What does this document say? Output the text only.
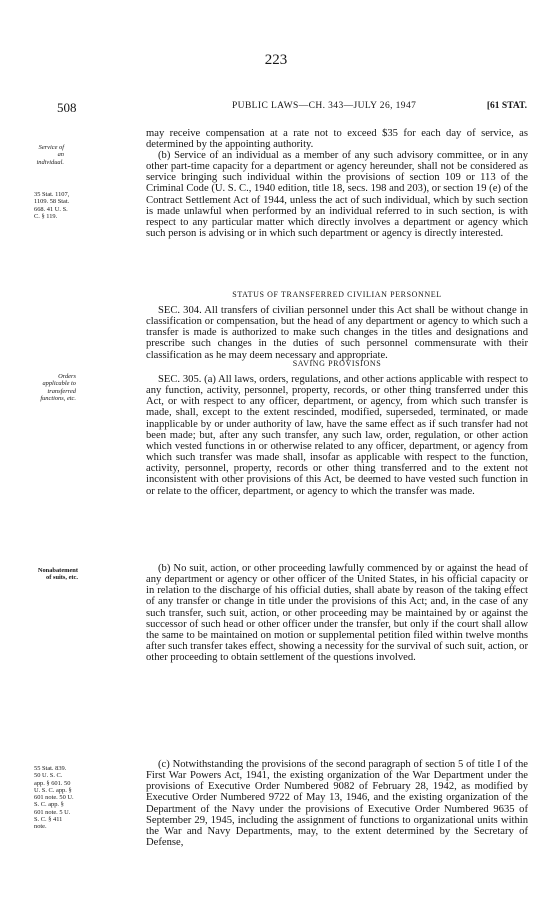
223
508	PUBLIC LAWS—CH. 343—JULY 26, 1947	[61 STAT.
Service of an individual.
35 Stat. 1107, 1109. 58 Stat. 668. 41 U. S. C. § 119.
Orders applicable to transferred functions, etc.
Nonabatement of suits, etc.
55 Stat. 839. 50 U. S. C. app. § 601. 50 U. S. C. app. § 601 note. 50 U. S. C. app. § 601 note. 5 U. S. C. § 411 note.

may receive compensation at a rate not to exceed $35 for each day of service, as determined by the appointing authority.

(b) Service of an individual as a member of any such advisory committee, or in any other part-time capacity for a department or agency hereunder, shall not be considered as service bringing such individual within the provisions of section 109 or 113 of the Criminal Code (U. S. C., 1940 edition, title 18, secs. 198 and 203), or section 19 (e) of the Contract Settlement Act of 1944, unless the act of such individual, which by such section is made unlawful when performed by an individual referred to in such section, is with respect to any particular matter which directly involves a department or agency which such person is advising or in which such department or agency is directly interested.

STATUS OF TRANSFERRED CIVILIAN PERSONNEL

SEC. 304. All transfers of civilian personnel under this Act shall be without change in classification or compensation, but the head of any department or agency to which such a transfer is made is authorized to make such changes in the titles and designations and prescribe such changes in the duties of such personnel commensurate with their classification as he may deem necessary and appropriate.

SAVING PROVISIONS

SEC. 305. (a) All laws, orders, regulations, and other actions applicable with respect to any function, activity, personnel, property, records, or other thing transferred under this Act, or with respect to any officer, department, or agency, from which such transfer is made, shall, except to the extent rescinded, modified, superseded, terminated, or made inapplicable by or under authority of law, have the same effect as if such transfer had not been made; but, after any such transfer, any such law, order, regulation, or other action which vested functions in or otherwise related to any officer, department, or agency from which such transfer was made shall, insofar as applicable with respect to the function, activity, personnel, property, records or other thing transferred and to the extent not inconsistent with other provisions of this Act, be deemed to have vested such function in or relate to the officer, department, or agency to which the transfer was made.

(b) No suit, action, or other proceeding lawfully commenced by or against the head of any department or agency or other officer of the United States, in his official capacity or in relation to the discharge of his official duties, shall abate by reason of the taking effect of any transfer or change in title under the provisions of this Act; and, in the case of any such transfer, such suit, action, or other proceeding may be maintained by or against the successor of such head or other officer under the transfer, but only if the court shall allow the same to be maintained on motion or supplemental petition filed within twelve months after such transfer takes effect, showing a necessity for the survival of such suit, action, or other proceeding to obtain settlement of the questions involved.

(c) Notwithstanding the provisions of the second paragraph of section 5 of title I of the First War Powers Act, 1941, the existing organization of the War Department under the provisions of Executive Order Numbered 9082 of February 28, 1942, as modified by Executive Order Numbered 9722 of May 13, 1946, and the existing organization of the Department of the Navy under the provisions of Executive Order Numbered 9635 of September 29, 1945, including the assignment of functions to organizational units within the War and Navy Departments, may, to the extent determined by the Secretary of Defense,
